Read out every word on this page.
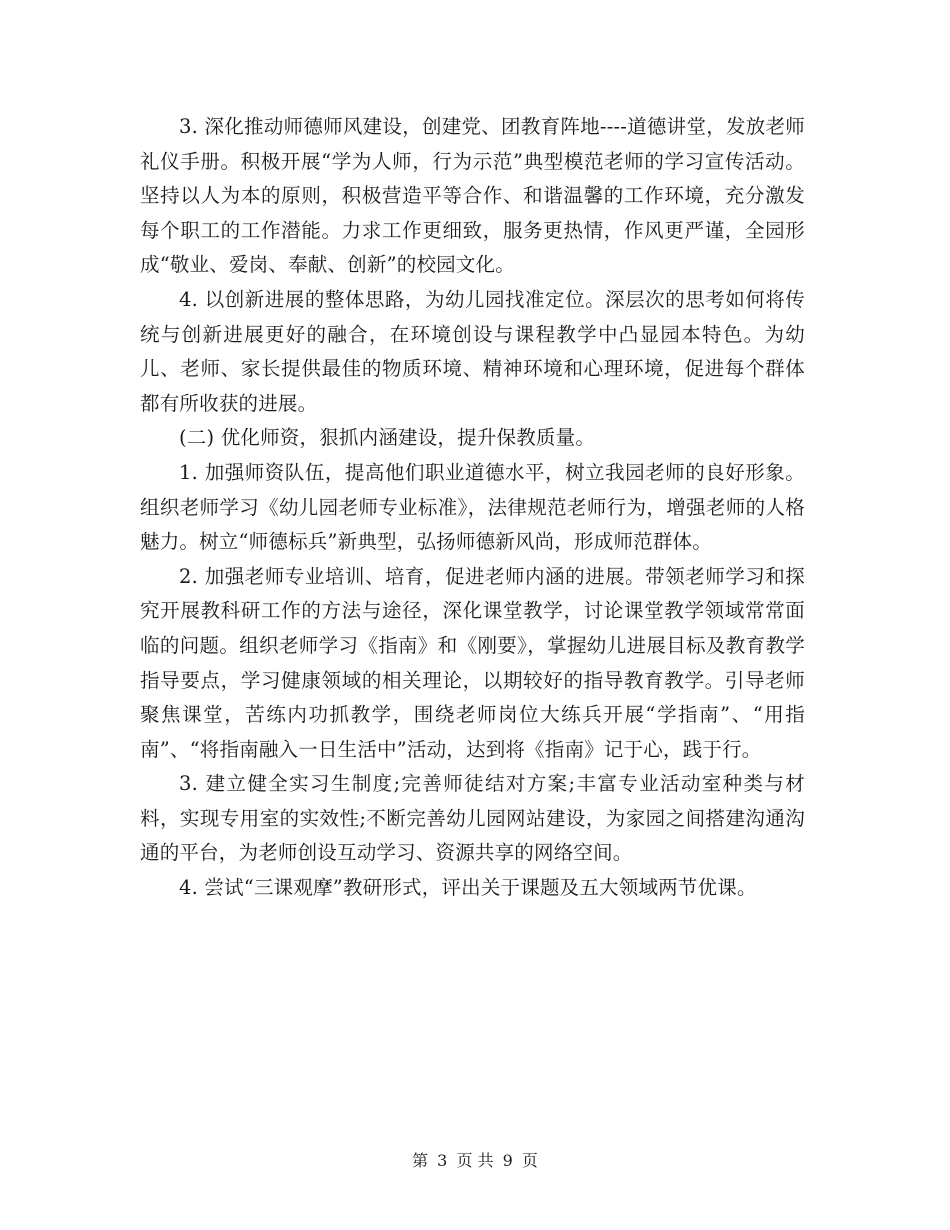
3. 深化推动师德师风建设，创建党、团教育阵地----道德讲堂，发放老师礼仪手册。积极开展“学为人师，行为示范”典型模范老师的学习宣传活动。坚持以人为本的原则，积极营造平等合作、和谐温馨的工作环境，充分激发每个职工的工作潜能。力求工作更细致，服务更热情，作风更严谨，全园形成“敬业、爱岗、奉献、创新”的校园文化。

4. 以创新进展的整体思路，为幼儿园找准定位。深层次的思考如何将传统与创新进展更好的融合，在环境创设与课程教学中凸显园本特色。为幼儿、老师、家长提供最佳的物质环境、精神环境和心理环境，促进每个群体都有所收获的进展。

(二) 优化师资，狠抓内涵建设，提升保教质量。

1. 加强师资队伍，提高他们职业道德水平，树立我园老师的良好形象。组织老师学习《幼儿园老师专业标准》，法律规范老师行为，增强老师的人格魅力。树立“师德标兵”新典型，弘扬师德新风尚，形成师范群体。

2. 加强老师专业培训、培育，促进老师内涵的进展。带领老师学习和探究开展教科研工作的方法与途径，深化课堂教学，讨论课堂教学领域常常面临的问题。组织老师学习《指南》和《刚要》，掌握幼儿进展目标及教育教学指导要点，学习健康领域的相关理论，以期较好的指导教育教学。引导老师聚焦课堂，苦练内功抓教学，围绕老师岗位大练兵开展“学指南”、“用指南”、“将指南融入一日生活中”活动，达到将《指南》记于心，践于行。

3. 建立健全实习生制度;完善师徒结对方案;丰富专业活动室种类与材料，实现专用室的实效性;不断完善幼儿园网站建设，为家园之间搭建沟通沟通的平台，为老师创设互动学习、资源共享的网络空间。

4. 尝试“三课观摩”教研形式，评出关于课题及五大领域两节优课。

第 3 页 共 9 页
